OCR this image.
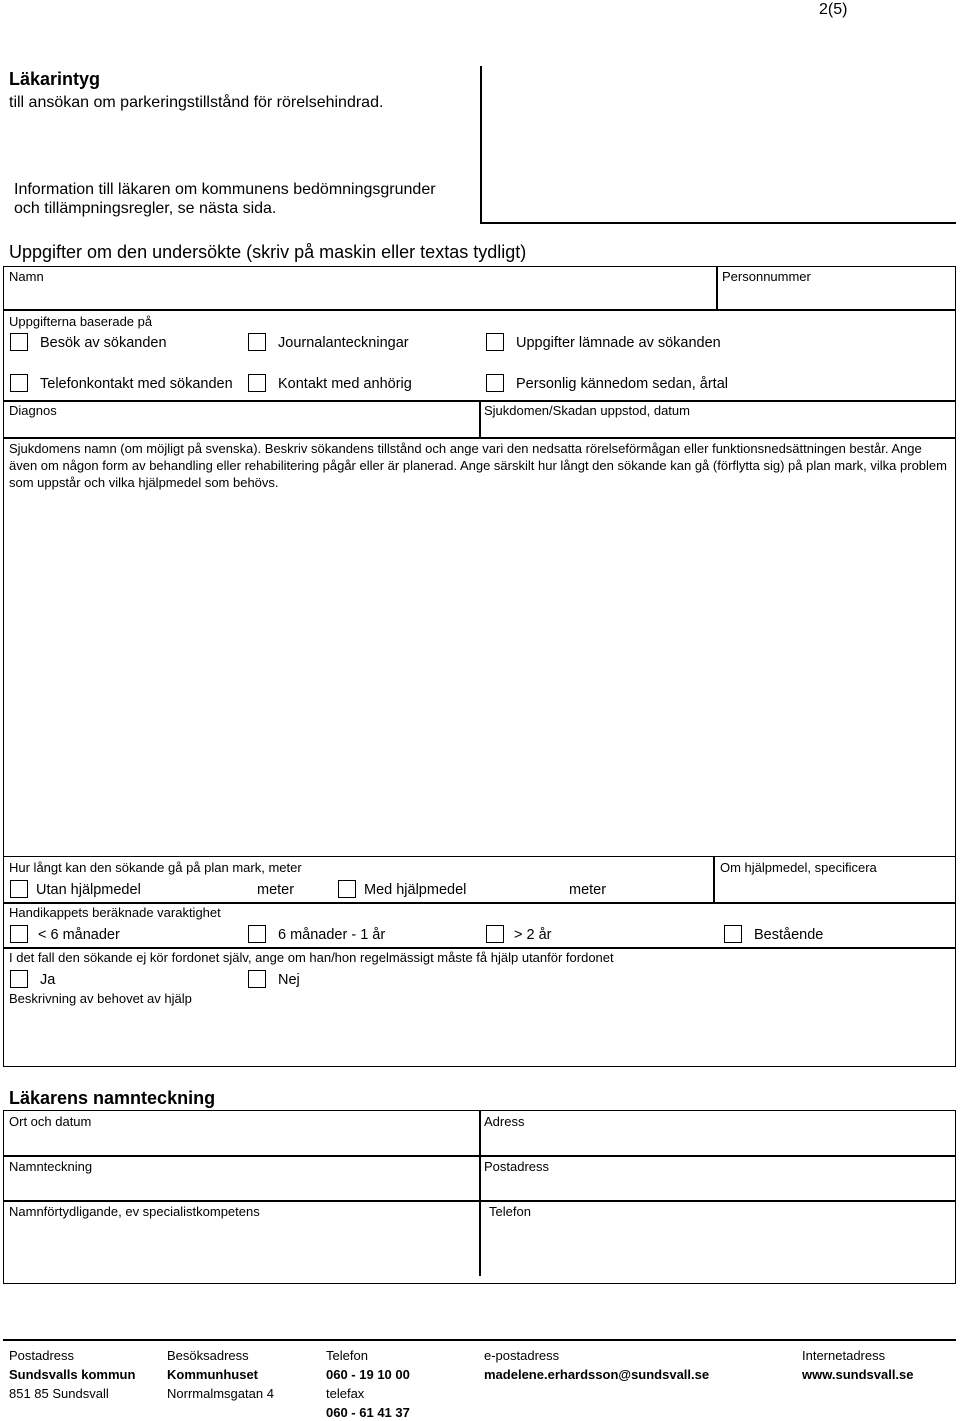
2(5)
Läkarintyg
till ansökan om parkeringstillstånd för rörelsehindrad.
Information till läkaren om kommunens bedömningsgrunder
och tillämpningsregler, se nästa sida.
Uppgifter om den undersökte (skriv på maskin eller textas tydligt)
Namn	Personnummer
Uppgifterna baserade på
Besök av sökanden	Journalanteckningar	Uppgifter lämnade av sökanden
Telefonkontakt med sökanden	Kontakt med anhörig	Personlig kännedom sedan, årtal
Diagnos	Sjukdomen/Skadan uppstod, datum
Sjukdomens namn (om möjligt på svenska). Beskriv sökandens tillstånd och ange vari den nedsatta rörelseförmågan eller funktionsnedsättningen består. Ange även om någon form av behandling eller rehabilitering pågår eller är planerad. Ange särskilt hur långt den sökande kan gå (förflytta sig) på plan mark, vilka problem som uppstår och vilka hjälpmedel som behövs.
Hur långt kan den sökande gå på plan mark, meter	Om hjälpmedel, specificera
Utan hjälpmedel	meter	Med hjälpmedel	meter
Handikappets beräknade varaktighet
< 6 månader	6 månader - 1 år	> 2 år	Bestående
I det fall den sökande ej kör fordonet själv, ange om han/hon regelmässigt måste få hjälp utanför fordonet
Ja	Nej
Beskrivning av behovet av hjälp
Läkarens namnteckning
Ort och datum	Adress
Namnteckning	Postadress
Namnförtydligande, ev specialistkompetens	Telefon
Postadress
Sundsvalls kommun
851 85 Sundsvall
Besöksadress
Kommunhuset
Norrmalmsgatan 4
Telefon
060 - 19 10 00
telefax
060 - 61 41 37
e-postadress
madelene.erhardsson@sundsvall.se
Internetadress
www.sundsvall.se
